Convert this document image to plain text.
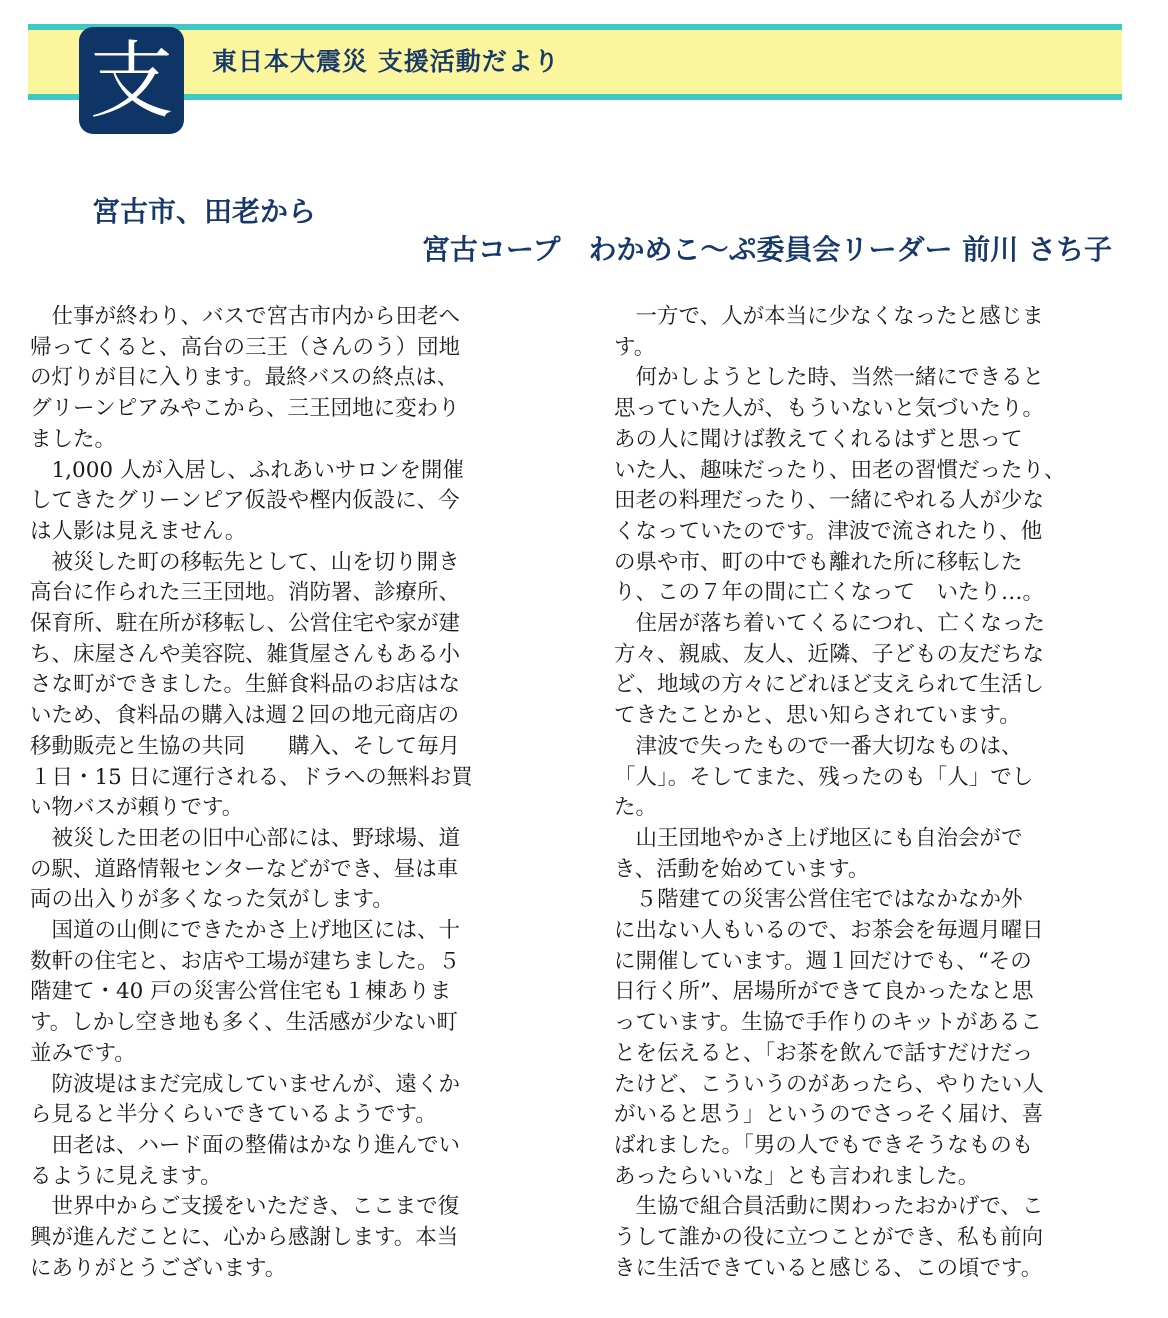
東日本大震災 支援活動だより
支
宮古市、田老から
宮古コープ　わかめこ～ぷ委員会リーダー 前川 さち子
　仕事が終わり、バスで宮古市内から田老へ
帰ってくると、高台の三王（さんのう）団地
の灯りが目に入ります。最終バスの終点は、
グリーンピアみやこから、三王団地に変わり
ました。
　1,000 人が入居し、ふれあいサロンを開催
してきたグリーンピア仮設や樫内仮設に、今
は人影は見えません。
　被災した町の移転先として、山を切り開き
高台に作られた三王団地。消防署、診療所、
保育所、駐在所が移転し、公営住宅や家が建
ち、床屋さんや美容院、雑貨屋さんもある小
さな町ができました。生鮮食料品のお店はな
いため、食料品の購入は週２回の地元商店の
移動販売と生協の共同　　購入、そして毎月
１日・15 日に運行される、ドラへの無料お買
い物バスが頼りです。
　被災した田老の旧中心部には、野球場、道
の駅、道路情報センターなどができ、昼は車
両の出入りが多くなった気がします。
　国道の山側にできたかさ上げ地区には、十
数軒の住宅と、お店や工場が建ちました。５
階建て・40 戸の災害公営住宅も１棟ありま
す。しかし空き地も多く、生活感が少ない町
並みです。
　防波堤はまだ完成していませんが、遠くか
ら見ると半分くらいできているようです。
　田老は、ハード面の整備はかなり進んでい
るように見えます。
　世界中からご支援をいただき、ここまで復
興が進んだことに、心から感謝します。本当
にありがとうございます。
　一方で、人が本当に少なくなったと感じま
す。
　何かしようとした時、当然一緒にできると
思っていた人が、もういないと気づいたり。
あの人に聞けば教えてくれるはずと思って
いた人、趣味だったり、田老の習慣だったり、
田老の料理だったり、一緒にやれる人が少な
くなっていたのです。津波で流されたり、他
の県や市、町の中でも離れた所に移転した
り、この７年の間に亡くなって　いたり…。
　住居が落ち着いてくるにつれ、亡くなった
方々、親戚、友人、近隣、子どもの友だちな
ど、地域の方々にどれほど支えられて生活し
てきたことかと、思い知らされています。
　津波で失ったもので一番大切なものは、
「人」。そしてまた、残ったのも「人」でし
た。
　山王団地やかさ上げ地区にも自治会がで
き、活動を始めています。
　５階建ての災害公営住宅ではなかなか外
に出ない人もいるので、お茶会を毎週月曜日
に開催しています。週１回だけでも、“その
日行く所”、居場所ができて良かったなと思
っています。生協で手作りのキットがあるこ
とを伝えると、「お茶を飲んで話すだけだっ
たけど、こういうのがあったら、やりたい人
がいると思う」というのでさっそく届け、喜
ばれました。「男の人でもできそうなものも
あったらいいな」とも言われました。
　生協で組合員活動に関わったおかげで、こ
うして誰かの役に立つことができ、私も前向
きに生活できていると感じる、この頃です。
